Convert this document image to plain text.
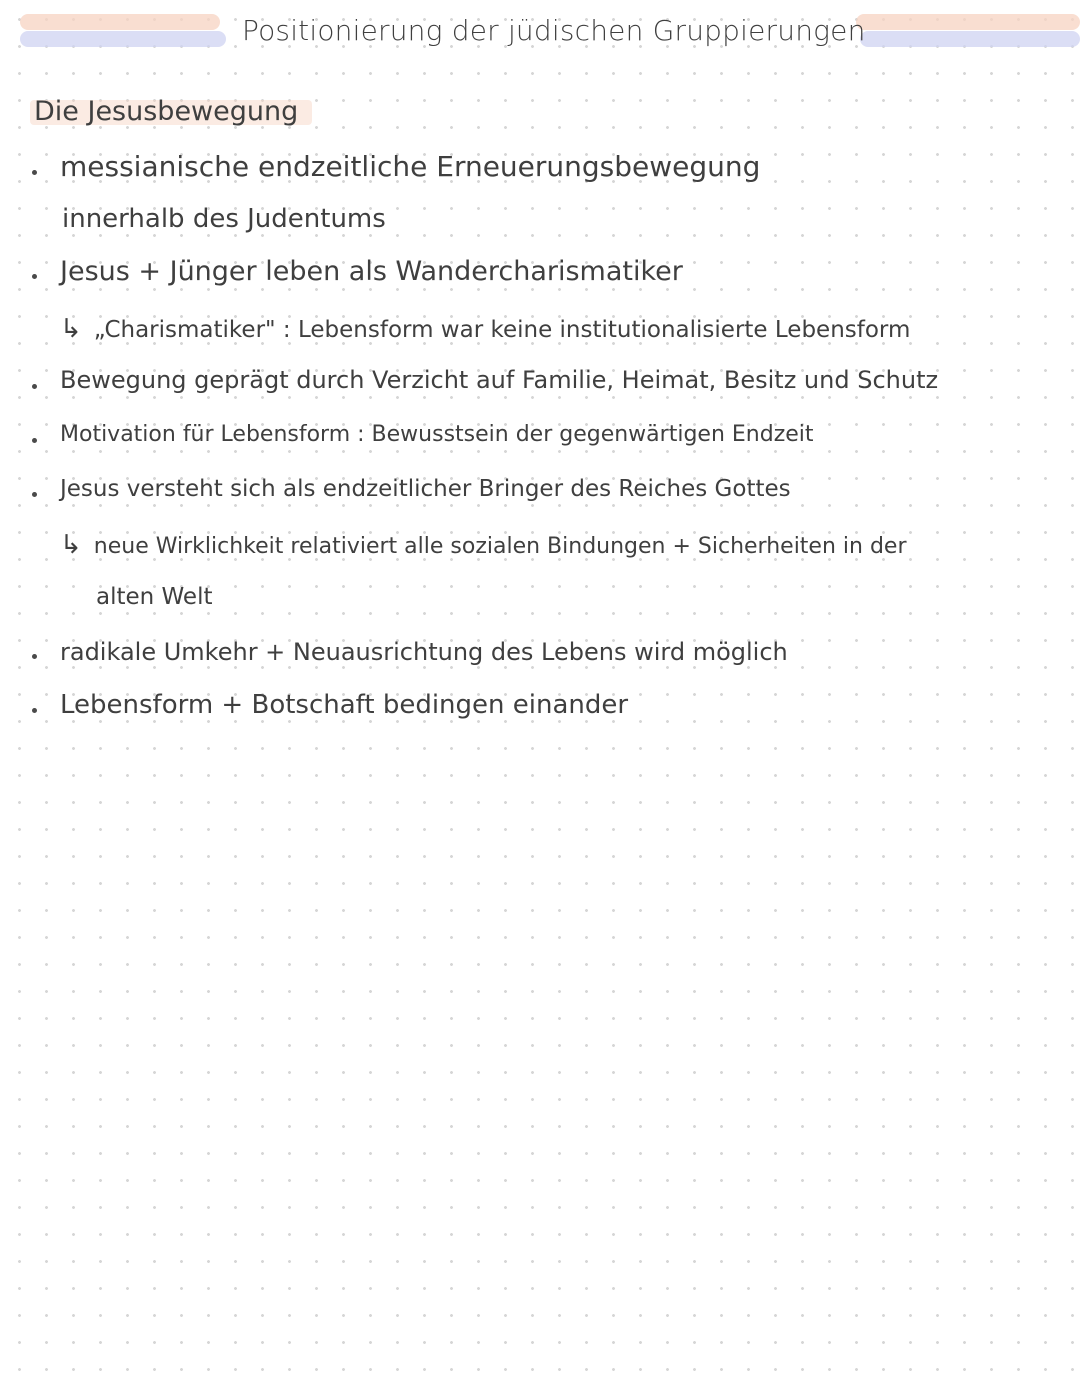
Positionierung der jüdischen Gruppierungen
Die Jesusbewegung
messianische endzeitliche Erneuerungsbewegung
innerhalb des Judentums
Jesus + Jünger leben als Wandercharismatiker
↳ „Charismatiker" : Lebensform war keine institutionalisierte Lebensform
Bewegung geprägt durch Verzicht auf Familie, Heimat, Besitz und Schutz
Motivation für Lebensform : Bewusstsein der gegenwärtigen Endzeit
Jesus versteht sich als endzeitlicher Bringer des Reiches Gottes
↳ neue Wirklichkeit relativiert alle sozialen Bindungen + Sicherheiten in der
alten Welt
radikale Umkehr + Neuausrichtung des Lebens wird möglich
Lebensform + Botschaft bedingen einander
